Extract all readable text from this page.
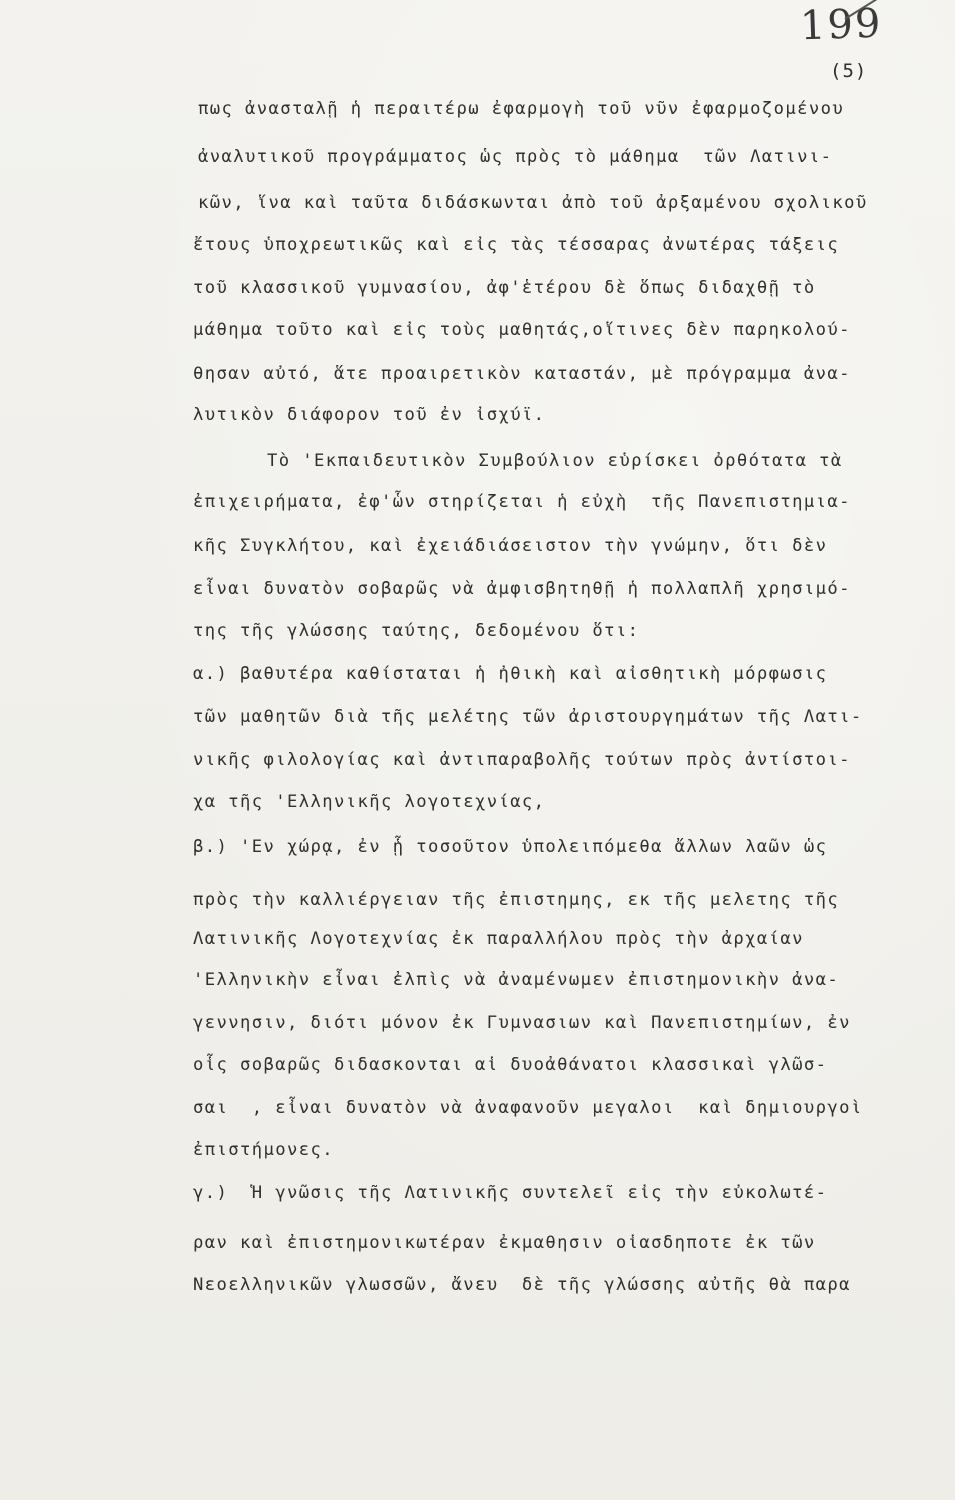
199
(5)
πως ἀνασταλῇ ἡ περαιτέρω ἐφαρμογὴ τοῦ νῦν ἐφαρμοζομένου
ἀναλυτικοῦ προγράμματος ὡς πρὸς τὸ μάθημα  τῶν Λατινι-
κῶν, ἵνα καὶ ταῦτα διδάσκωνται ἀπὸ τοῦ ἀρξαμένου σχολικοῦ
ἔτους ὑποχρεωτικῶς καὶ εἰς τὰς τέσσαρας ἀνωτέρας τάξεις
τοῦ κλασσικοῦ γυμνασίου, ἀφ'ἑτέρου δὲ ὅπως διδαχθῇ τὸ
μάθημα τοῦτο καὶ εἰς τοὺς μαθητάς,οἵτινες δὲν παρηκολού-
θησαν αὐτό, ἅτε προαιρετικὸν καταστάν, μὲ πρόγραμμα ἀνα-
λυτικὸν διάφορον τοῦ ἐν ἰσχύϊ.
Τὸ 'Εκπαιδευτικὸν Συμβούλιον εὑρίσκει ὀρθότατα τὰ
ἐπιχειρήματα, ἐφ'ὧν στηρίζεται ἡ εὐχὴ  τῆς Πανεπιστημια-
κῆς Συγκλήτου, καὶ ἐχειάδιάσειστον τὴν γνώμην, ὅτι δὲν
εἶναι δυνατὸν σοβαρῶς νὰ ἀμφισβητηθῇ ἡ πολλαπλῆ χρησιμό-
της τῆς γλώσσης ταύτης, δεδομένου ὅτι:
α.) βαθυτέρα καθίσταται ἡ ἠθικὴ καὶ αἰσθητικὴ μόρφωσις
τῶν μαθητῶν διὰ τῆς μελέτης τῶν ἀριστουργημάτων τῆς Λατι-
νικῆς φιλολογίας καὶ ἀντιπαραβολῆς τούτων πρὸς ἀντίστοι-
χα τῆς 'Ελληνικῆς λογοτεχνίας,
β.) 'Εν χώρᾳ, ἐν ᾗ τοσοῦτον ὑπολειπόμεθα ἄλλων λαῶν ὡς
πρὸς τὴν καλλιέργειαν τῆς ἐπιστημης, εκ τῆς μελετης τῆς
Λατινικῆς Λογοτεχνίας ἐκ παραλλήλου πρὸς τὴν ἀρχαίαν
'Ελληνικὴν εἶναι ἐλπὶς νὰ ἀναμένωμεν ἐπιστημονικὴν ἀνα-
γεννησιν, διότι μόνον ἐκ Γυμνασιων καὶ Πανεπιστημίων, ἐν
οἷς σοβαρῶς διδασκονται αἱ δυοἀθάνατοι κλασσικαὶ γλῶσ-
σαι  , εἶναι δυνατὸν νὰ ἀναφανοῦν μεγαλοι  καὶ δημιουργοὶ
ἐπιστήμονες.
γ.)  Ἡ γνῶσις τῆς Λατινικῆς συντελεῖ εἰς τὴν εὐκολωτέ-
ραν καὶ ἐπιστημονικωτέραν ἐκμαθησιν οἱασδηποτε ἐκ τῶν
Νεοελληνικῶν γλωσσῶν, ἄνευ  δὲ τῆς γλώσσης αὐτῆς θὰ παρα
